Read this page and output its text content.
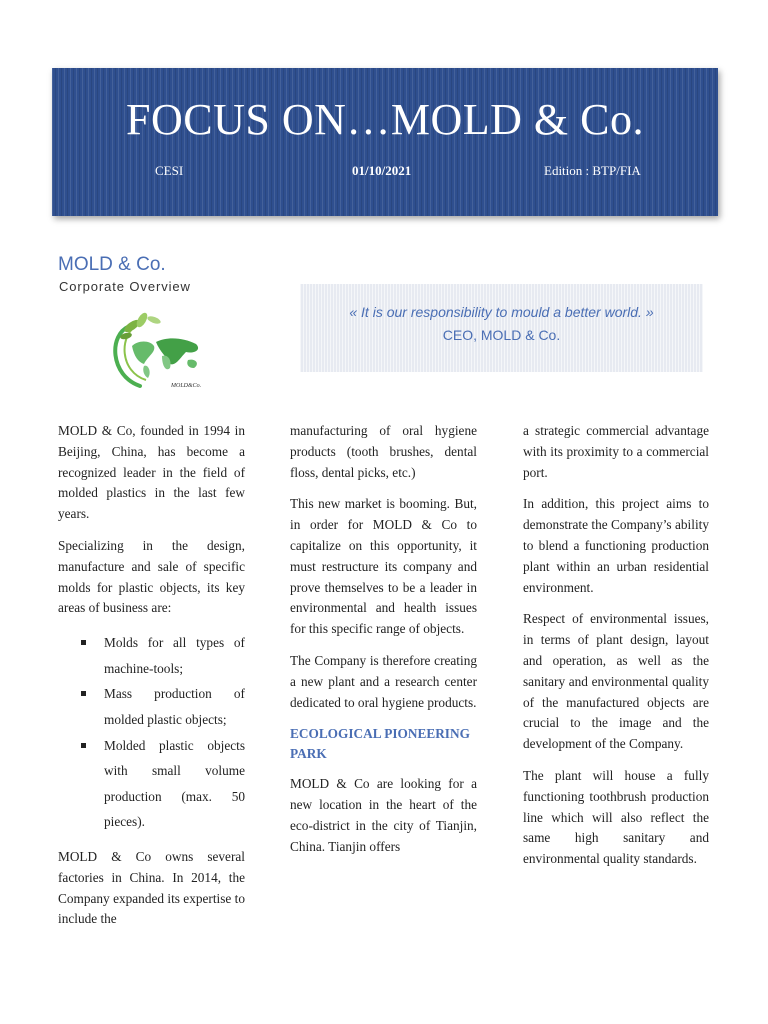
FOCUS ON…MOLD & Co.
CESI	01/10/2021	Edition : BTP/FIA
MOLD & Co.
Corporate Overview
MOLD&Co.
« It is our responsibility to mould a better world. »
CEO, MOLD & Co.

MOLD & Co, founded in 1994 in Beijing, China, has become a recognized leader in the field of molded plastics in the last few years.

Specializing in the design, manufacture and sale of specific molds for plastic objects, its key areas of business are:

Molds for all types of machine-tools;
Mass production of molded plastic objects;
Molded plastic objects with small volume production (max. 50 pieces).

MOLD & Co owns several factories in China. In 2014, the Company expanded its expertise to include the

manufacturing of oral hygiene products (tooth brushes, dental floss, dental picks, etc.)

This new market is booming. But, in order for MOLD & Co to capitalize on this opportunity, it must restructure its company and prove themselves to be a leader in environmental and health issues for this specific range of objects.

The Company is therefore creating a new plant and a research center dedicated to oral hygiene products.

ECOLOGICAL PIONEERING PARK

MOLD & Co are looking for a new location in the heart of the eco-district in the city of Tianjin, China. Tianjin offers

a strategic commercial advantage with its proximity to a commercial port.

In addition, this project aims to demonstrate the Company’s ability to blend a functioning production plant within an urban residential environment.

Respect of environmental issues, in terms of plant design, layout and operation, as well as the sanitary and environmental quality of the manufactured objects are crucial to the image and the development of the Company.

The plant will house a fully functioning toothbrush production line which will also reflect the same high sanitary and environmental quality standards.
